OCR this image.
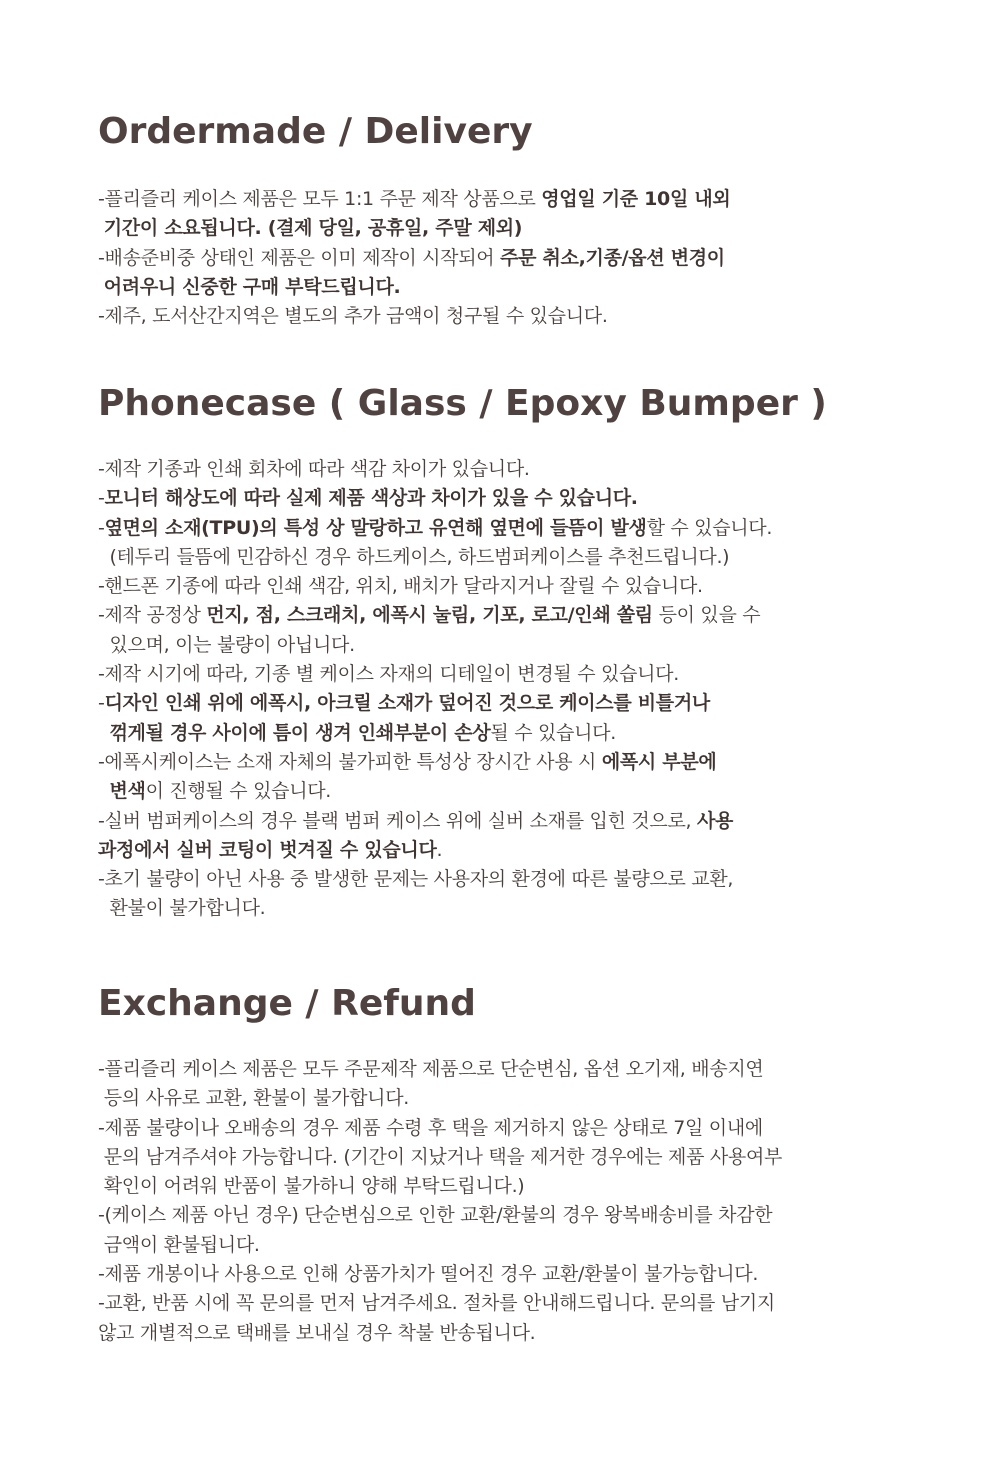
Ordermade / Delivery
-플리즐리 케이스 제품은 모두 1:1 주문 제작 상품으로 영업일 기준 10일 내외
기간이 소요됩니다. (결제 당일, 공휴일, 주말 제외)
-배송준비중 상태인 제품은 이미 제작이 시작되어 주문 취소,기종/옵션 변경이
어려우니 신중한 구매 부탁드립니다.
-제주, 도서산간지역은 별도의 추가 금액이 청구될 수 있습니다.
Phonecase ( Glass / Epoxy Bumper )
-제작 기종과 인쇄 회차에 따라 색감 차이가 있습니다.
-모니터 해상도에 따라 실제 제품 색상과 차이가 있을 수 있습니다.
-옆면의 소재(TPU)의 특성 상 말랑하고 유연해 옆면에 들뜸이 발생할 수 있습니다.
(테두리 들뜸에 민감하신 경우 하드케이스, 하드범퍼케이스를 추천드립니다.)
-핸드폰 기종에 따라 인쇄 색감, 위치, 배치가 달라지거나 잘릴 수 있습니다.
-제작 공정상 먼지, 점, 스크래치, 에폭시 눌림, 기포, 로고/인쇄 쏠림 등이 있을 수
있으며, 이는 불량이 아닙니다.
-제작 시기에 따라, 기종 별 케이스 자재의 디테일이 변경될 수 있습니다.
-디자인 인쇄 위에 에폭시, 아크릴 소재가 덮어진 것으로 케이스를 비틀거나
꺾게될 경우 사이에 틈이 생겨 인쇄부분이 손상될 수 있습니다.
-에폭시케이스는 소재 자체의 불가피한 특성상 장시간 사용 시 에폭시 부분에
변색이 진행될 수 있습니다.
-실버 범퍼케이스의 경우 블랙 범퍼 케이스 위에 실버 소재를 입힌 것으로, 사용
과정에서 실버 코팅이 벗겨질 수 있습니다.
-초기 불량이 아닌 사용 중 발생한 문제는 사용자의 환경에 따른 불량으로 교환,
환불이 불가합니다.
Exchange / Refund
-플리즐리 케이스 제품은 모두 주문제작 제품으로 단순변심, 옵션 오기재, 배송지연
등의 사유로 교환, 환불이 불가합니다.
-제품 불량이나 오배송의 경우 제품 수령 후 택을 제거하지 않은 상태로 7일 이내에
문의 남겨주셔야 가능합니다. (기간이 지났거나 택을 제거한 경우에는 제품 사용여부
확인이 어려워 반품이 불가하니 양해 부탁드립니다.)
-(케이스 제품 아닌 경우) 단순변심으로 인한 교환/환불의 경우 왕복배송비를 차감한
금액이 환불됩니다.
-제품 개봉이나 사용으로 인해 상품가치가 떨어진 경우 교환/환불이 불가능합니다.
-교환, 반품 시에 꼭 문의를 먼저 남겨주세요. 절차를 안내해드립니다. 문의를 남기지
않고 개별적으로 택배를 보내실 경우 착불 반송됩니다.
